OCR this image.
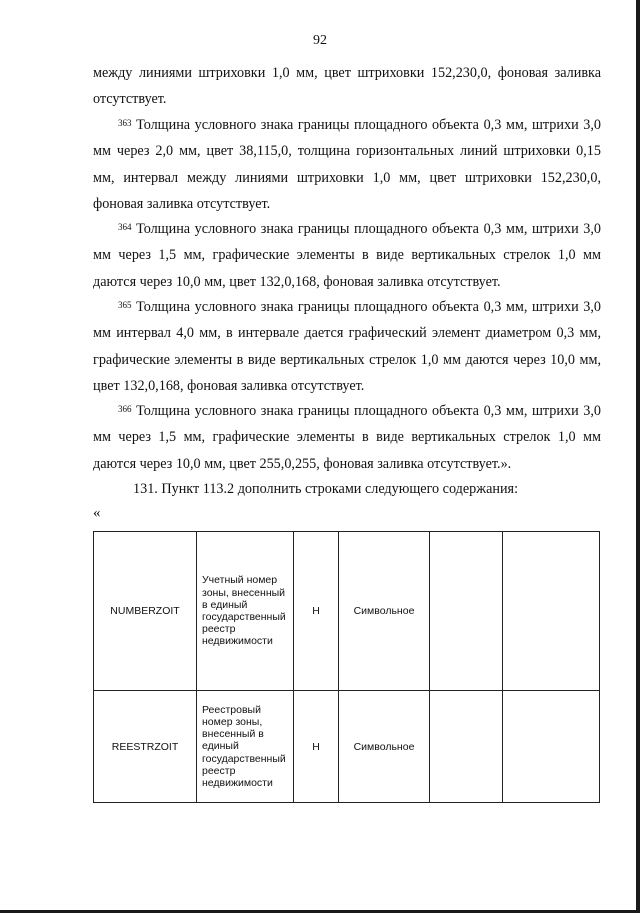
92

между линиями штриховки 1,0 мм, цвет штриховки 152,230,0, фоновая заливка отсутствует.

$^{363}$ Толщина условного знака границы площадного объекта 0,3 мм, штрихи 3,0 мм через 2,0 мм, цвет 38,115,0, толщина горизонтальных линий штриховки 0,15 мм, интервал между линиями штриховки 1,0 мм, цвет штриховки 152,230,0, фоновая заливка отсутствует.

$^{364}$ Толщина условного знака границы площадного объекта 0,3 мм, штрихи 3,0 мм через 1,5 мм, графические элементы в виде вертикальных стрелок 1,0 мм даются через 10,0 мм, цвет 132,0,168, фоновая заливка отсутствует.

$^{365}$ Толщина условного знака границы площадного объекта 0,3 мм, штрихи 3,0 мм интервал 4,0 мм, в интервале дается графический элемент диаметром 0,3 мм, графические элементы в виде вертикальных стрелок 1,0 мм даются через 10,0 мм, цвет 132,0,168, фоновая заливка отсутствует.

$^{366}$ Толщина условного знака границы площадного объекта 0,3 мм, штрихи 3,0 мм через 1,5 мм, графические элементы в виде вертикальных стрелок 1,0 мм даются через 10,0 мм, цвет 255,0,255, фоновая заливка отсутствует.».

131. Пункт 113.2 дополнить строками следующего содержания:

«
NUMBERZOIT	Учетный номер зоны, внесенный в единый государственный реестр недвижимости	Н	Символьное		
REESTRZOIT	Реестровый номер зоны, внесенный в единый государственный реестр недвижимости	Н	Символьное		
